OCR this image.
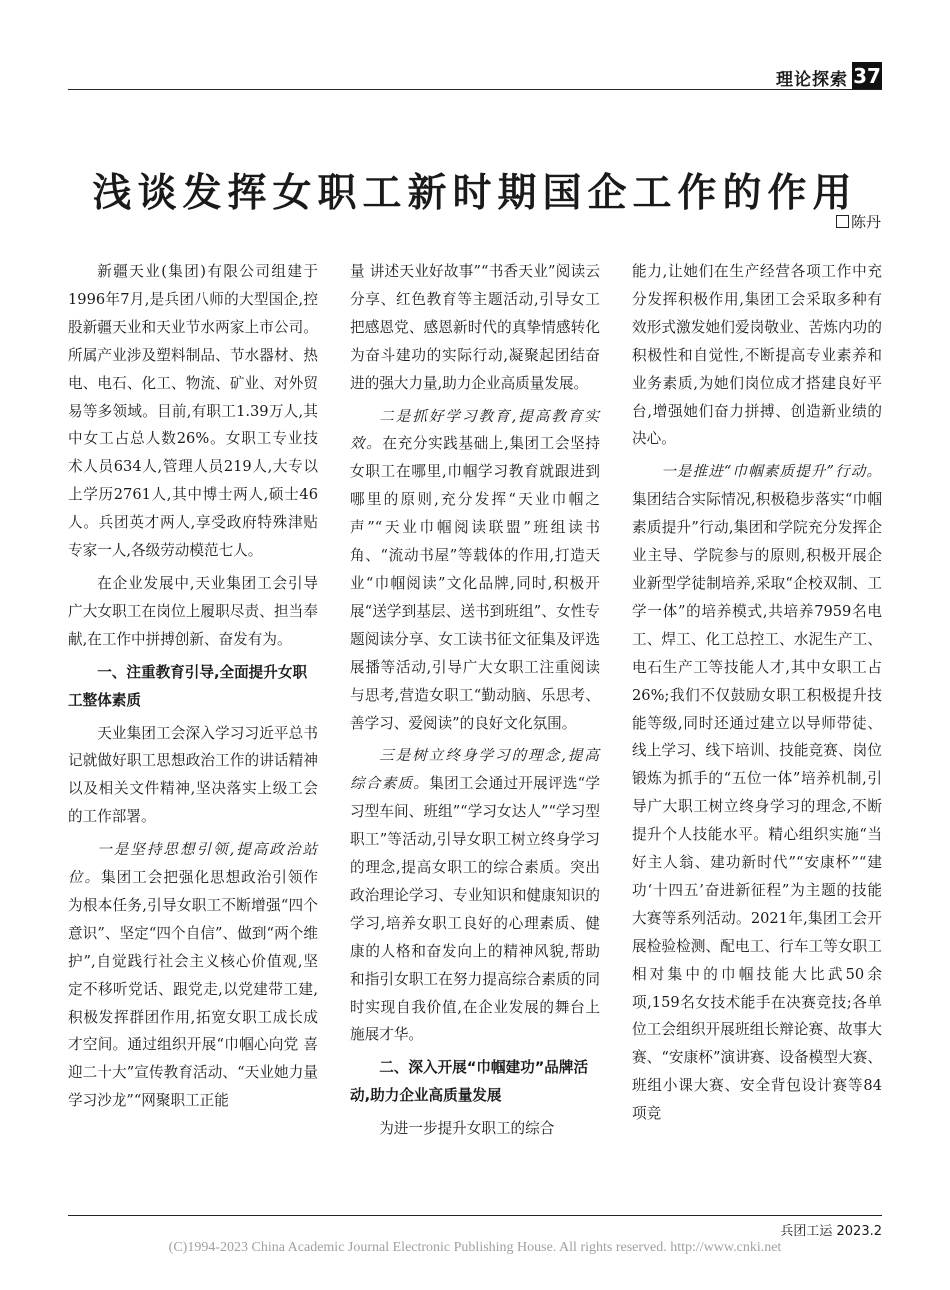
理论探索 37
浅谈发挥女职工新时期国企工作的作用
陈丹

新疆天业(集团)有限公司组建于1996年7月,是兵团八师的大型国企,控股新疆天业和天业节水两家上市公司。所属产业涉及塑料制品、节水器材、热电、电石、化工、物流、矿业、对外贸易等多领域。目前,有职工1.39万人,其中女工占总人数26%。女职工专业技术人员634人,管理人员219人,大专以上学历2761人,其中博士两人,硕士46人。兵团英才两人,享受政府特殊津贴专家一人,各级劳动模范七人。

在企业发展中,天业集团工会引导广大女职工在岗位上履职尽责、担当奉献,在工作中拼搏创新、奋发有为。

一、注重教育引导,全面提升女职工整体素质

天业集团工会深入学习习近平总书记就做好职工思想政治工作的讲话精神以及相关文件精神,坚决落实上级工会的工作部署。

一是坚持思想引领,提高政治站位。集团工会把强化思想政治引领作为根本任务,引导女职工不断增强“四个意识”、坚定“四个自信”、做到“两个维护”,自觉践行社会主义核心价值观,坚定不移听党话、跟党走,以党建带工建,积极发挥群团作用,拓宽女职工成长成才空间。通过组织开展“巾帼心向党 喜迎二十大”宣传教育活动、“天业她力量学习沙龙”“网聚职工正能

量 讲述天业好故事”“书香天业”阅读云分享、红色教育等主题活动,引导女工把感恩党、感恩新时代的真挚情感转化为奋斗建功的实际行动,凝聚起团结奋进的强大力量,助力企业高质量发展。

二是抓好学习教育,提高教育实效。在充分实践基础上,集团工会坚持女职工在哪里,巾帼学习教育就跟进到哪里的原则,充分发挥“天业巾帼之声”“天业巾帼阅读联盟”班组读书角、“流动书屋”等载体的作用,打造天业“巾帼阅读”文化品牌,同时,积极开展“送学到基层、送书到班组”、女性专题阅读分享、女工读书征文征集及评选展播等活动,引导广大女职工注重阅读与思考,营造女职工“勤动脑、乐思考、善学习、爱阅读”的良好文化氛围。

三是树立终身学习的理念,提高综合素质。集团工会通过开展评选“学习型车间、班组”“学习女达人”“学习型职工”等活动,引导女职工树立终身学习的理念,提高女职工的综合素质。突出政治理论学习、专业知识和健康知识的学习,培养女职工良好的心理素质、健康的人格和奋发向上的精神风貌,帮助和指引女职工在努力提高综合素质的同时实现自我价值,在企业发展的舞台上施展才华。

二、深入开展“巾帼建功”品牌活动,助力企业高质量发展

为进一步提升女职工的综合

能力,让她们在生产经营各项工作中充分发挥积极作用,集团工会采取多种有效形式激发她们爱岗敬业、苦炼内功的积极性和自觉性,不断提高专业素养和业务素质,为她们岗位成才搭建良好平台,增强她们奋力拼搏、创造新业绩的决心。

一是推进“巾帼素质提升”行动。集团结合实际情况,积极稳步落实“巾帼素质提升”行动,集团和学院充分发挥企业主导、学院参与的原则,积极开展企业新型学徒制培养,采取“企校双制、工学一体”的培养模式,共培养7959名电工、焊工、化工总控工、水泥生产工、电石生产工等技能人才,其中女职工占26%;我们不仅鼓励女职工积极提升技能等级,同时还通过建立以导师带徒、线上学习、线下培训、技能竞赛、岗位锻炼为抓手的“五位一体”培养机制,引导广大职工树立终身学习的理念,不断提升个人技能水平。精心组织实施“当好主人翁、建功新时代”“安康杯”“建功‘十四五’奋进新征程”为主题的技能大赛等系列活动。2021年,集团工会开展检验检测、配电工、行车工等女职工相对集中的巾帼技能大比武50余项,159名女技术能手在决赛竞技;各单位工会组织开展班组长辩论赛、故事大赛、“安康杯”演讲赛、设备模型大赛、班组小课大赛、安全背包设计赛等84项竞

兵团工运 2023.2
(C)1994-2023 China Academic Journal Electronic Publishing House. All rights reserved. http://www.cnki.net
